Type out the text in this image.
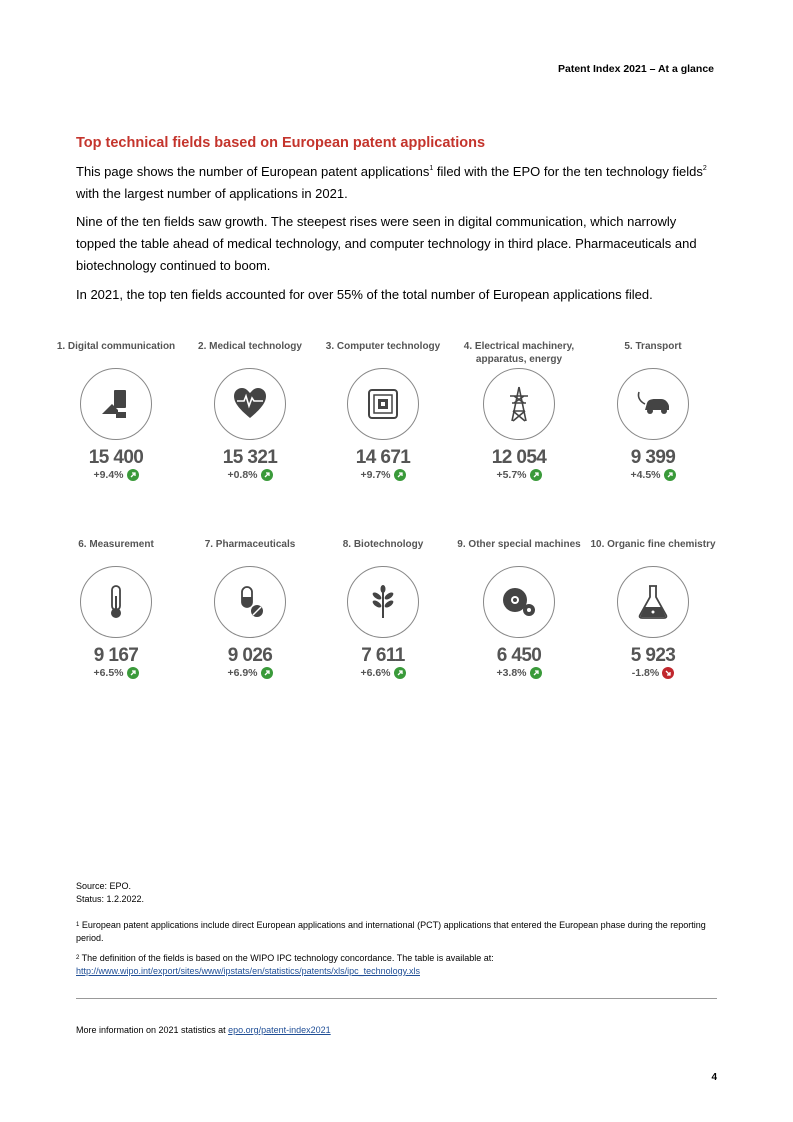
Patent Index 2021 – At a glance
Top technical fields based on European patent applications
This page shows the number of European patent applications$^1$ filed with the EPO for the ten technology fields$^2$ with the largest number of applications in 2021.
Nine of the ten fields saw growth. The steepest rises were seen in digital communication, which narrowly topped the table ahead of medical technology, and computer technology in third place. Pharmaceuticals and biotechnology continued to boom.
In 2021, the top ten fields accounted for over 55% of the total number of European applications filed.
1. Digital communication
15 400
+9.4%
2. Medical technology
15 321
+0.8%
3. Computer technology
14 671
+9.7%
4. Electrical machinery, apparatus, energy
12 054
+5.7%
5. Transport
9 399
+4.5%
6. Measurement
9 167
+6.5%
7. Pharmaceuticals
9 026
+6.9%
8. Biotechnology
7 611
+6.6%
9. Other special machines
6 450
+3.8%
10. Organic fine chemistry
5 923
-1.8%
Source: EPO.
Status: 1.2.2022.
$^1$ European patent applications include direct European applications and international (PCT) applications that entered the European phase during the reporting period.
$^2$ The definition of the fields is based on the WIPO IPC technology concordance. The table is available at:
http://www.wipo.int/export/sites/www/ipstats/en/statistics/patents/xls/ipc_technology.xls
More information on 2021 statistics at epo.org/patent-index2021
4
